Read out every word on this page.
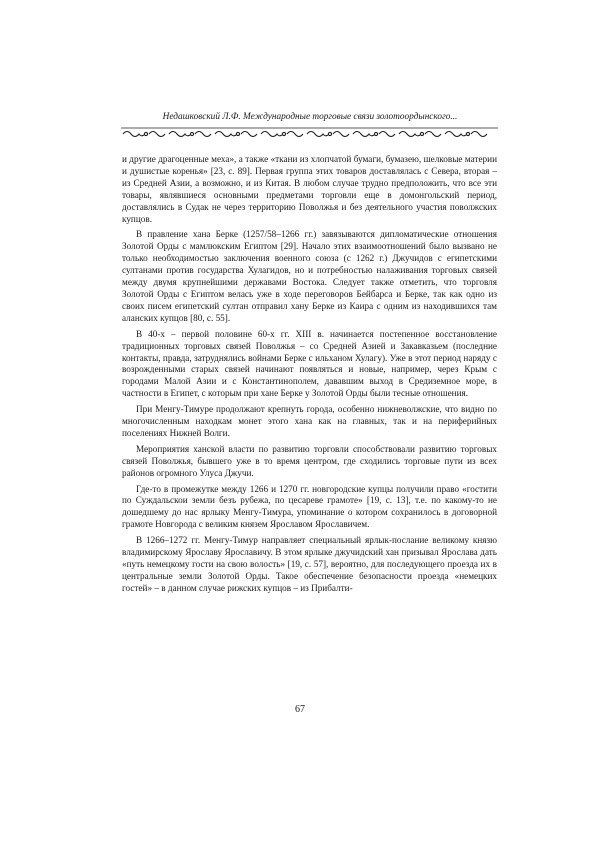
Недашковский Л.Ф. Международные торговые связи золотоордынского...

и другие драгоценные меха», а также «ткани из хлопчатой бумаги, бумазею, шелковые материи и душистые коренья» [23, с. 89]. Первая группа этих товаров доставлялась с Севера, вторая – из Средней Азии, а возможно, и из Китая. В любом случае трудно предположить, что все эти товары, являвшиеся основными предметами торговли еще в домонгольский период, доставлялись в Судак не через территорию Поволжья и без деятельного участия поволжских купцов.

В правление хана Берке (1257/58–1266 гг.) завязываются дипломатические отношения Золотой Орды с мамлюкским Египтом [29]. Начало этих взаимоотношений было вызвано не только необходимостью заключения военного союза (с 1262 г.) Джучидов с египетскими султанами против государства Хулагидов, но и потребностью налаживания торговых связей между двумя крупнейшими державами Востока. Следует также отметить, что торговля Золотой Орды с Египтом велась уже в ходе переговоров Бейбарса и Берке, так как одно из своих писем египетский султан отправил хану Берке из Каира с одним из находившихся там аланских купцов [80, с. 55].

В 40-х – первой половине 60-х гг. XIII в. начинается постепенное восстановление традиционных торговых связей Поволжья – со Средней Азией и Закавказьем (последние контакты, правда, затруднялись войнами Берке с ильханом Хулагу). Уже в этот период наряду с возрожденными старых связей начинают появляться и новые, например, через Крым с городами Малой Азии и с Константинополем, дававшим выход в Средиземное море, в частности в Египет, с которым при хане Берке у Золотой Орды были тесные отношения.

При Менгу-Тимуре продолжают крепнуть города, особенно нижневолжские, что видно по многочисленным находкам монет этого хана как на главных, так и на периферийных поселениях Нижней Волги.

Мероприятия ханской власти по развитию торговли способствовали развитию торговых связей Поволжья, бывшего уже в то время центром, где сходились торговые пути из всех районов огромного Улуса Джучи.

Где-то в промежутке между 1266 и 1270 гг. новгородские купцы получили право «гостити по Суждальскои земли безъ рубежа, по цесареве грамоте» [19, с. 13], т.е. по какому-то не дошедшему до нас ярлыку Менгу-Тимура, упоминание о котором сохранилось в договорной грамоте Новгорода с великим князем Ярославом Ярославичем.

В 1266–1272 гг. Менгу-Тимур направляет специальный ярлык-послание великому князю владимирскому Ярославу Ярославичу. В этом ярлыке джучидский хан призывал Ярослава дать «путь немецкому гости на свою волость» [19, с. 57], вероятно, для последующего проезда их в центральные земли Золотой Орды. Такое обеспечение безопасности проезда «немецких гостей» – в данном случае рижских купцов – из Прибалти-

67
